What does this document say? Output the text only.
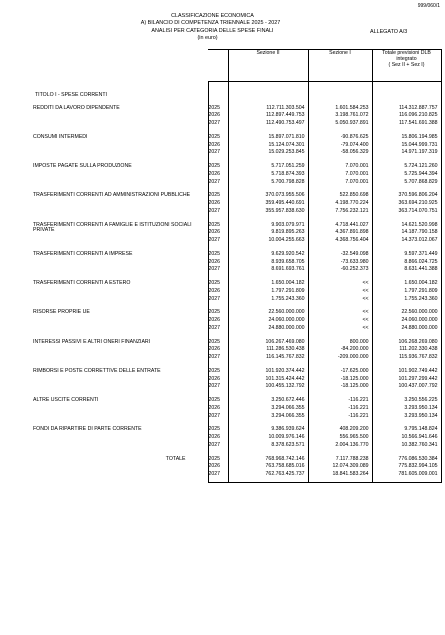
999/060/1
CLASSIFICAZIONE ECONOMICA
A) BILANCIO DI COMPETENZA TRIENNALE 2025 - 2027
ANALISI PER CATEGORIA DELLE SPESE FINALI
(in euro)
ALLEGATO A/3
		Sezione II	Sezione I	Totale previsioni DLB
integrato
( Sez II + Sez I)
TITOLO I - SPESE CORRENTI				

REDDITI DA LAVORO DIPENDENTE	2025	112.711.303.504	1.601.584.253	114.312.887.757
	2026	112.897.449.753	3.198.761.072	116.096.210.825
	2027	112.490.753.497	5.050.937.891	117.541.691.388

CONSUMI INTERMEDI	2025	15.897.071.810	-90.876.625	15.806.194.985
	2026	15.124.074.301	-79.074.400	15.044.999.731
	2027	15.029.253.845	-58.056.329	14.971.197.319

IMPOSTE PAGATE SULLA PRODUZIONE	2025	5.717.051.259	7.070.001	5.724.121.260
	2026	5.718.874.393	7.070.001	5.725.944.394
	2027	5.700.798.828	7.070.001	5.707.868.829

TRASFERIMENTI CORRENTI AD AMMINISTRAZIONI PUBBLICHE	2025	370.073.955.506	522.850.698	370.596.806.204
	2026	359.495.440.691	4.198.770.224	363.694.210.925
	2027	355.957.838.630	7.756.232.121	363.714.070.751

TRASFERIMENTI CORRENTI A FAMIGLIE E ISTITUZIONI SOCIALI PRIVATE	2025	9.903.079.971	4.718.441.027	14.621.520.998
	2026	9.819.895.263	4.367.891.898	14.187.790.158
	2027	10.004.255.663	4.368.756.404	14.373.012.067

TRASFERIMENTI CORRENTI A IMPRESE	2025	9.629.920.542	-32.549.098	9.597.371.449
	2026	8.939.658.705	-73.633.980	8.866.024.725
	2027	8.691.693.761	-60.252.373	8.631.441.388

TRASFERIMENTI CORRENTI A ESTERO	2025	1.650.004.182	<<	1.650.004.182
	2026	1.797.291.809	<<	1.797.291.809
	2027	1.755.243.360	<<	1.755.243.360

RISORSE PROPRIE UE	2025	22.560.000.000	<<	22.560.000.000
	2026	24.060.000.000	<<	24.060.000.000
	2027	24.880.000.000	<<	24.880.000.000

INTERESSI PASSIVI E ALTRI ONERI FINANZIARI	2025	106.267.469.080	800.000	106.268.269.080
	2026	111.286.530.438	-84.200.000	111.202.330.438
	2027	116.145.767.832	-209.000.000	115.936.767.832

RIMBORSI E POSTE CORRETTIVE DELLE ENTRATE	2025	101.920.374.442	-17.625.000	101.902.749.442
	2026	101.315.424.442	-18.125.000	101.297.299.442
	2027	100.455.132.792	-18.125.000	100.437.007.792

ALTRE USCITE CORRENTI	2025	3.250.672.446	-116.221	3.250.556.225
	2026	3.294.066.355	-116.221	3.293.950.134
	2027	3.294.066.355	-116.221	3.293.950.134

FONDI DA RIPARTIRE DI PARTE CORRENTE	2025	9.386.939.624	408.209.200	9.795.148.824
	2026	10.009.976.146	556.965.500	10.566.941.646
	2027	8.378.623.571	2.004.136.770	10.382.760.341

TOTALE	2025	768.968.742.146	7.117.788.238	776.086.530.384
	2026	763.758.685.016	12.074.309.089	775.832.994.105
	2027	762.763.425.737	18.841.583.264	781.605.009.001
